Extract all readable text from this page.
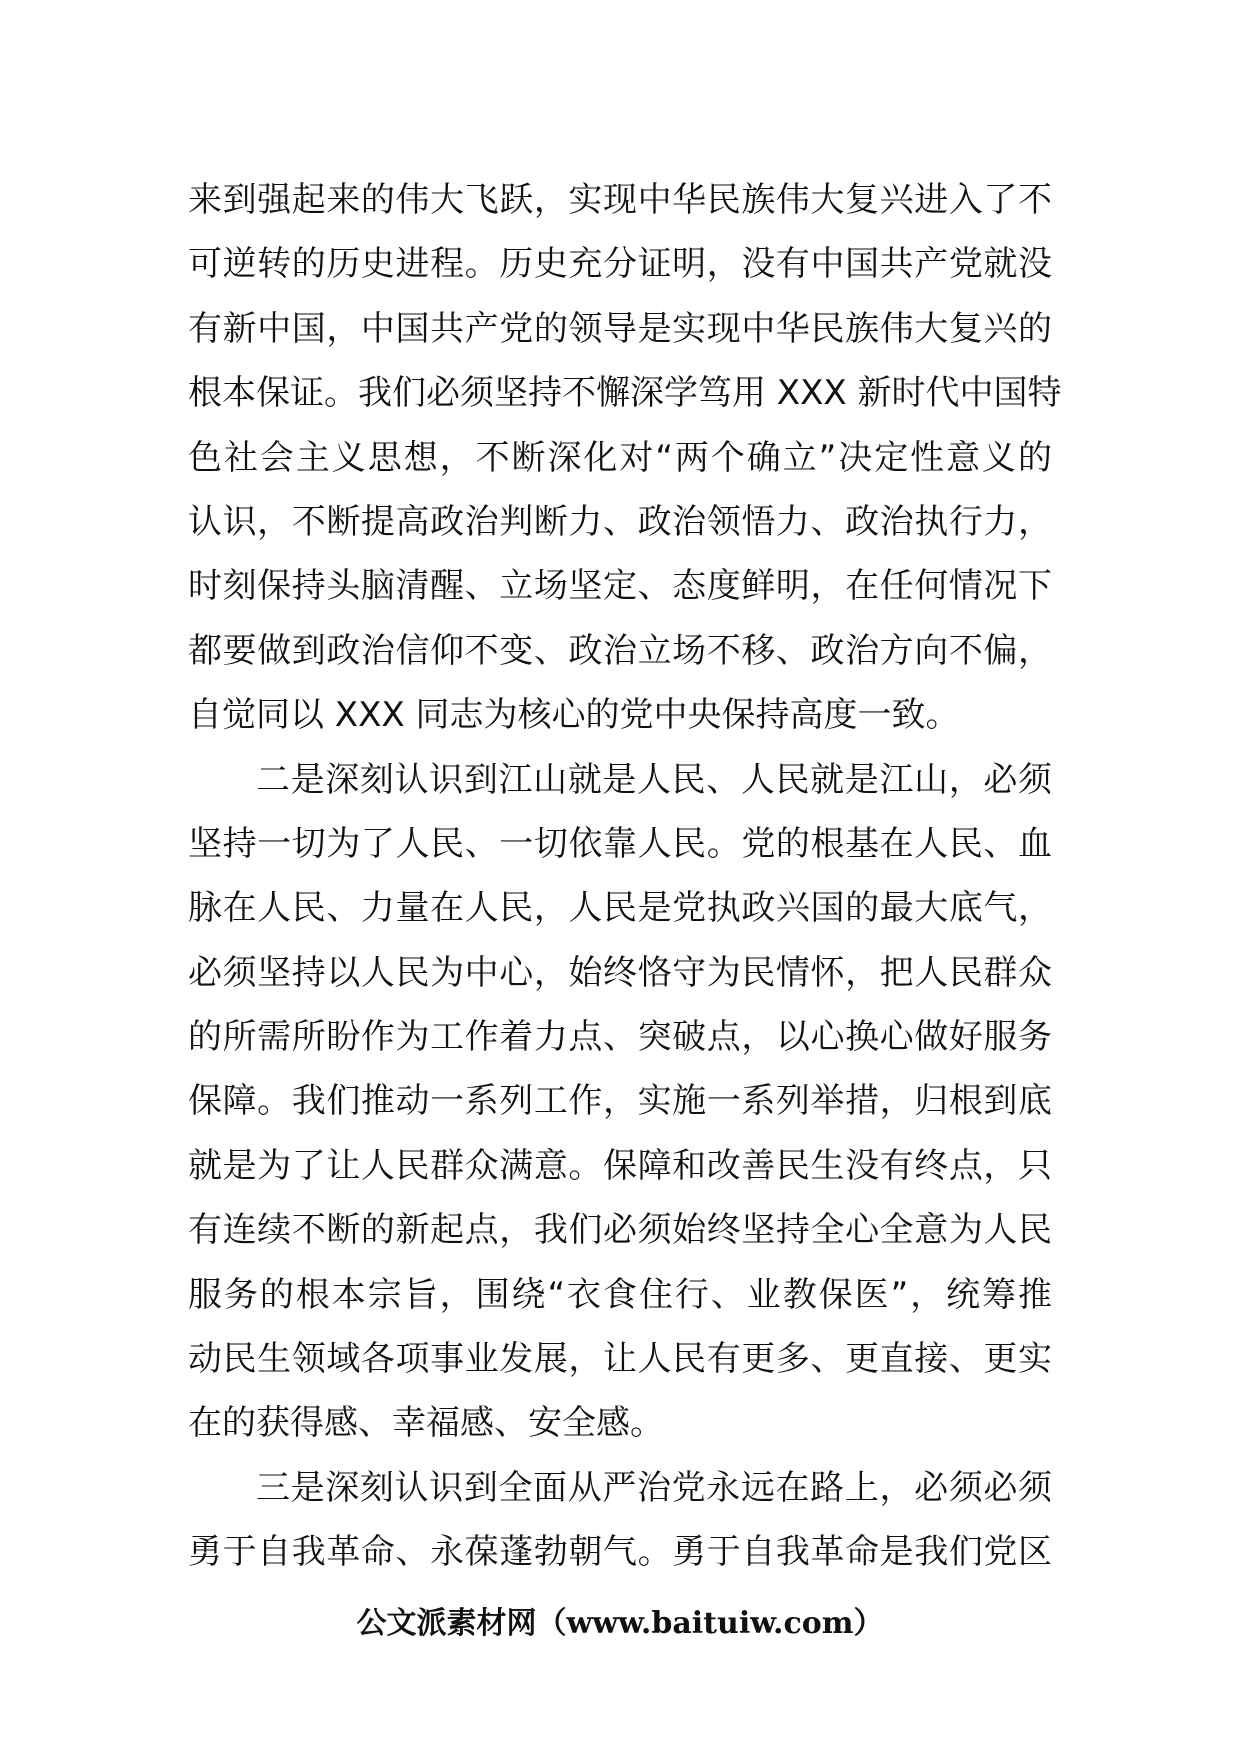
来到强起来的伟大飞跃，实现中华民族伟大复兴进入了不
可逆转的历史进程。历史充分证明，没有中国共产党就没
有新中国，中国共产党的领导是实现中华民族伟大复兴的
根本保证。我们必须坚持不懈深学笃用 XXX 新时代中国特
色社会主义思想，不断深化对“两个确立”决定性意义的
认识，不断提高政治判断力、政治领悟力、政治执行力，
时刻保持头脑清醒、立场坚定、态度鲜明，在任何情况下
都要做到政治信仰不变、政治立场不移、政治方向不偏，
自觉同以 XXX 同志为核心的党中央保持高度一致。
二是深刻认识到江山就是人民、人民就是江山，必须
坚持一切为了人民、一切依靠人民。党的根基在人民、血
脉在人民、力量在人民，人民是党执政兴国的最大底气，
必须坚持以人民为中心，始终恪守为民情怀，把人民群众
的所需所盼作为工作着力点、突破点，以心换心做好服务
保障。我们推动一系列工作，实施一系列举措，归根到底
就是为了让人民群众满意。保障和改善民生没有终点，只
有连续不断的新起点，我们必须始终坚持全心全意为人民
服务的根本宗旨，围绕“衣食住行、业教保医”，统筹推
动民生领域各项事业发展，让人民有更多、更直接、更实
在的获得感、幸福感、安全感。
三是深刻认识到全面从严治党永远在路上，必须必须
勇于自我革命、永葆蓬勃朝气。勇于自我革命是我们党区
公文派素材网（www.baituiw.com）
